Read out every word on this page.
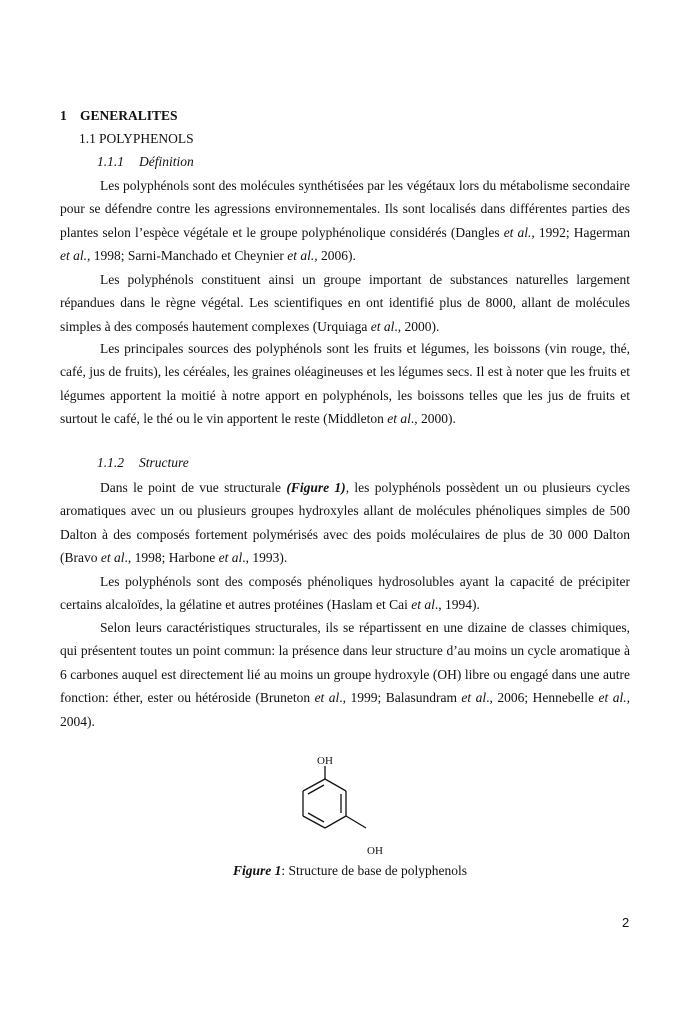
1 GENERALITES
1.1 POLYPHENOLS
1.1.1 Définition

Les polyphénols sont des molécules synthétisées par les végétaux lors du métabolisme secondaire pour se défendre contre les agressions environnementales. Ils sont localisés dans différentes parties des plantes selon l’espèce végétale et le groupe polyphénolique considérés (Dangles et al., 1992; Hagerman et al., 1998; Sarni-Manchado et Cheynier et al., 2006).

Les polyphénols constituent ainsi un groupe important de substances naturelles largement répandues dans le règne végétal. Les scientifiques en ont identifié plus de 8000, allant de molécules simples à des composés hautement complexes (Urquiaga et al., 2000).

Les principales sources des polyphénols sont les fruits et légumes, les boissons (vin rouge, thé, café, jus de fruits), les céréales, les graines oléagineuses et les légumes secs. Il est à noter que les fruits et légumes apportent la moitié à notre apport en polyphénols, les boissons telles que les jus de fruits et surtout le café, le thé ou le vin apportent le reste (Middleton et al., 2000).

1.1.2 Structure

Dans le point de vue structurale (Figure 1), les polyphénols possèdent un ou plusieurs cycles aromatiques avec un ou plusieurs groupes hydroxyles allant de molécules phénoliques simples de 500 Dalton à des composés fortement polymérisés avec des poids moléculaires de plus de 30 000 Dalton (Bravo et al., 1998; Harbone et al., 1993).

Les polyphénols sont des composés phénoliques hydrosolubles ayant la capacité de précipiter certains alcaloïdes, la gélatine et autres protéines (Haslam et Cai et al., 1994).

Selon leurs caractéristiques structurales, ils se répartissent en une dizaine de classes chimiques, qui présentent toutes un point commun: la présence dans leur structure d’au moins un cycle aromatique à 6 carbones auquel est directement lié au moins un groupe hydroxyle (OH) libre ou engagé dans une autre fonction: éther, ester ou hétéroside (Bruneton et al., 1999; Balasundram et al., 2006; Hennebelle et al., 2004).

OH
OH
Figure 1: Structure de base de polyphenols
2
